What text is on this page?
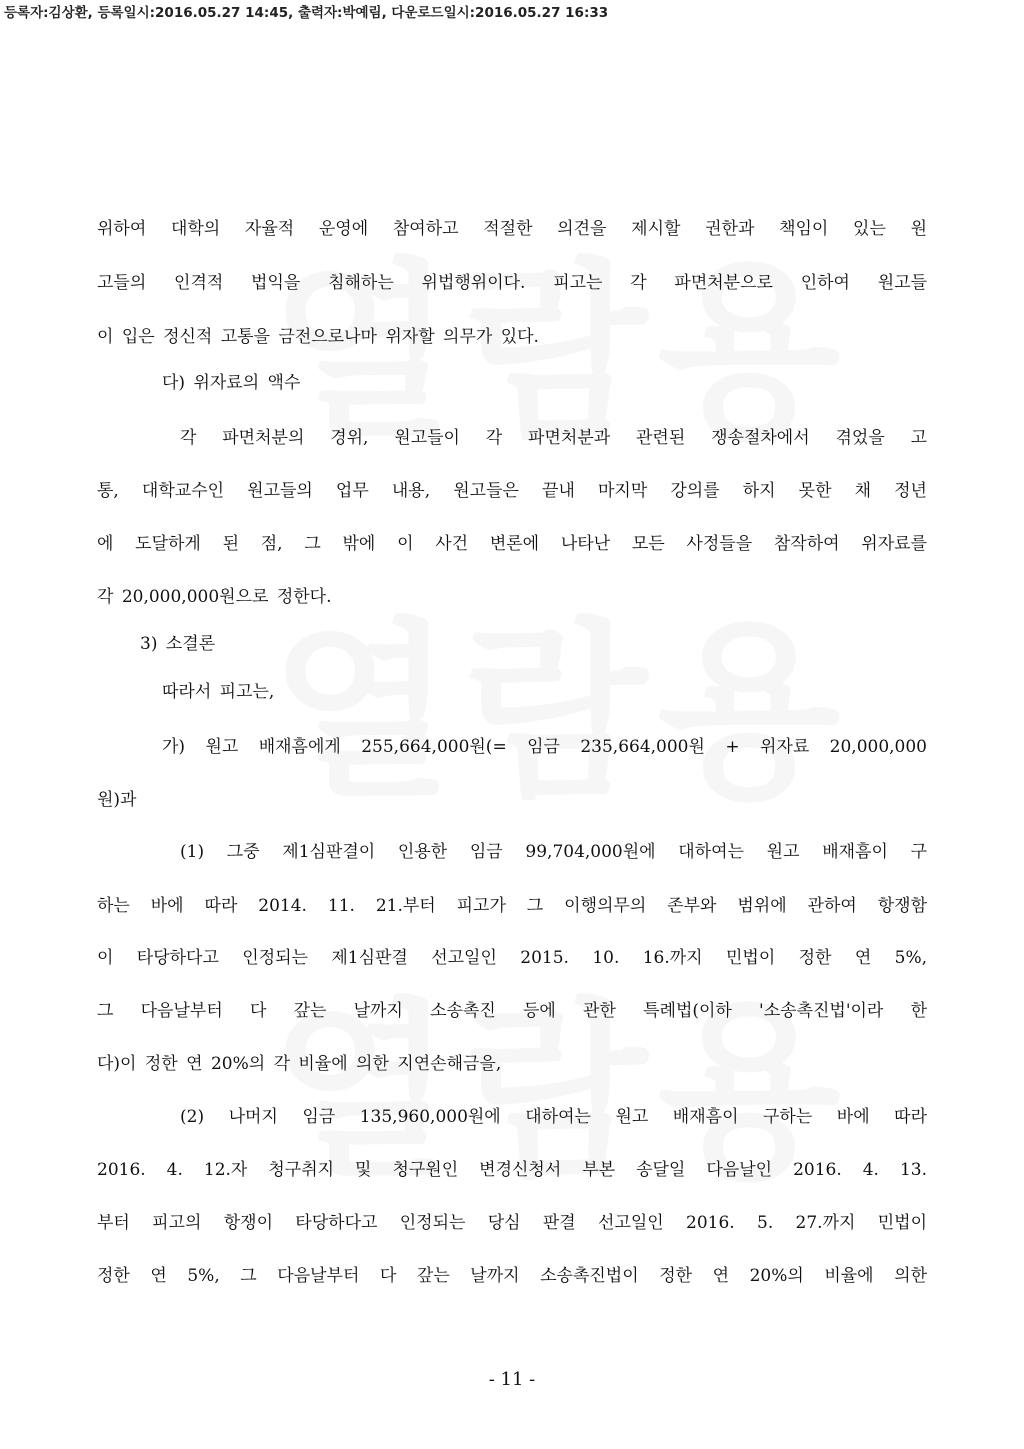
등록자:김상환, 등록일시:2016.05.27 14:45, 출력자:박예림, 다운로드일시:2016.05.27 16:33
위하여 대학의 자율적 운영에 참여하고 적절한 의견을 제시할 권한과 책임이 있는 원
고들의 인격적 법익을 침해하는 위법행위이다. 피고는 각 파면처분으로 인하여 원고들
이 입은 정신적 고통을 금전으로나마 위자할 의무가 있다.
다) 위자료의 액수
각 파면처분의 경위, 원고들이 각 파면처분과 관련된 쟁송절차에서 겪었을 고
통, 대학교수인 원고들의 업무 내용, 원고들은 끝내 마지막 강의를 하지 못한 채 정년
에 도달하게 된 점, 그 밖에 이 사건 변론에 나타난 모든 사정들을 참작하여 위자료를
각 20,000,000원으로 정한다.
3) 소결론
따라서 피고는,
가) 원고 배재흠에게 255,664,000원(= 임금 235,664,000원 + 위자료 20,000,000
원)과
(1) 그중 제1심판결이 인용한 임금 99,704,000원에 대하여는 원고 배재흠이 구
하는 바에 따라 2014. 11. 21.부터 피고가 그 이행의무의 존부와 범위에 관하여 항쟁함
이 타당하다고 인정되는 제1심판결 선고일인 2015. 10. 16.까지 민법이 정한 연 5%,
그 다음날부터 다 갚는 날까지 소송촉진 등에 관한 특례법(이하 '소송촉진법'이라 한
다)이 정한 연 20%의 각 비율에 의한 지연손해금을,
(2) 나머지 임금 135,960,000원에 대하여는 원고 배재흠이 구하는 바에 따라
2016. 4. 12.자 청구취지 및 청구원인 변경신청서 부본 송달일 다음날인 2016. 4. 13.
부터 피고의 항쟁이 타당하다고 인정되는 당심 판결 선고일인 2016. 5. 27.까지 민법이
정한 연 5%, 그 다음날부터 다 갚는 날까지 소송촉진법이 정한 연 20%의 비율에 의한
- 11 -
